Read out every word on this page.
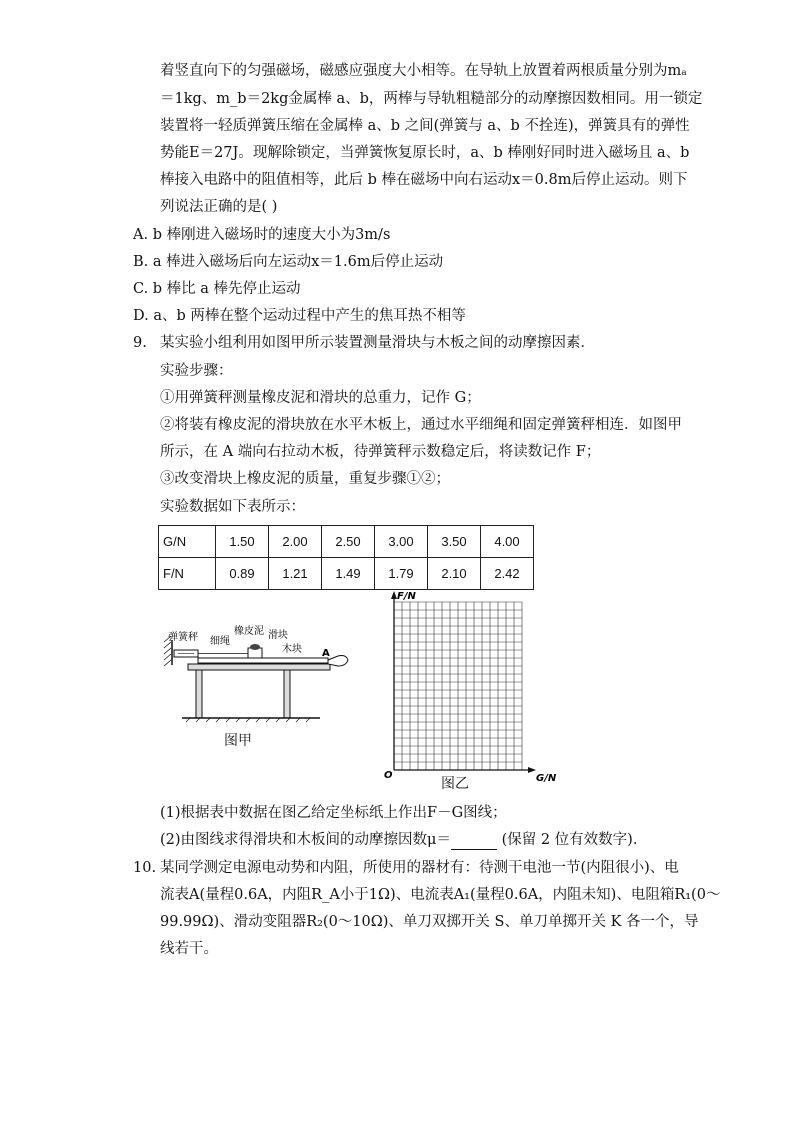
着竖直向下的匀强磁场，磁感应强度大小相等。在导轨上放置着两根质量分别为mₐ
＝1kg、m_b＝2kg金属棒 a、b，两棒与导轨粗糙部分的动摩擦因数相同。用一锁定
装置将一轻质弹簧压缩在金属棒 a、b 之间(弹簧与 a、b 不拴连)，弹簧具有的弹性
势能E＝27J。现解除锁定，当弹簧恢复原长时，a、b 棒刚好同时进入磁场且 a、b
棒接入电路中的阻值相等，此后 b 棒在磁场中向右运动x＝0.8m后停止运动。则下
列说法正确的是( )
A. b 棒刚进入磁场时的速度大小为3m/s
B. a 棒进入磁场后向左运动x＝1.6m后停止运动
C. b 棒比 a 棒先停止运动
D. a、b 两棒在整个运动过程中产生的焦耳热不相等
9. 某实验小组利用如图甲所示装置测量滑块与木板之间的动摩擦因素．
实验步骤：
①用弹簧秤测量橡皮泥和滑块的总重力，记作 G；
②将装有橡皮泥的滑块放在水平木板上，通过水平细绳和固定弹簧秤相连．如图甲
所示，在 A 端向右拉动木板，待弹簧秤示数稳定后，将读数记作 F；
③改变滑块上橡皮泥的质量，重复步骤①②；
实验数据如下表所示：
G/N	1.50	2.00	2.50	3.00	3.50	4.00
F/N	0.89	1.21	1.49	1.79	2.10	2.42
弹簧秤 细绳
橡皮泥 滑块
木块 A
图甲
F/N
G/N
O
图乙
(1)根据表中数据在图乙给定坐标纸上作出F－G图线；
(2)由图线求得滑块和木板间的动摩擦因数μ＝	(保留 2 位有效数字).
10. 某同学测定电源电动势和内阻，所使用的器材有：待测干电池一节(内阻很小)、电
流表A(量程0.6A，内阻R_A小于1Ω)、电流表A₁(量程0.6A，内阻未知)、电阻箱R₁(0～
99.99Ω)、滑动变阻器R₂(0～10Ω)、单刀双掷开关 S、单刀单掷开关 K 各一个，导
线若干。
